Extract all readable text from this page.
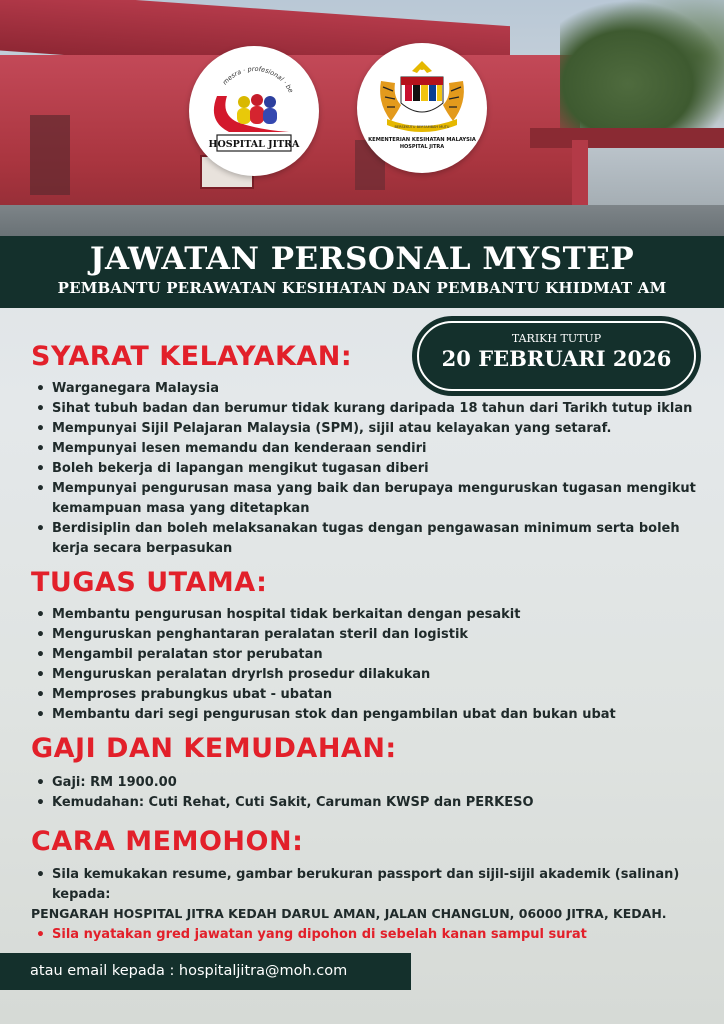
mesra · profesional · be
HOSPITAL JITRA
BERSEKUTU BERTAMBAH MUTU
KEMENTERIAN KESIHATAN MALAYSIA
HOSPITAL JITRA
JAWATAN PERSONAL MYSTEP
PEMBANTU PERAWATAN KESIHATAN DAN PEMBANTU KHIDMAT AM
TARIKH TUTUP
20 FEBRUARI 2026
SYARAT KELAYAKAN:
• Warganegara Malaysia
• Sihat tubuh badan dan berumur tidak kurang daripada 18 tahun dari Tarikh tutup iklan
• Mempunyai Sijil Pelajaran Malaysia (SPM), sijil atau kelayakan yang setaraf.
• Mempunyai lesen memandu dan kenderaan sendiri
• Boleh bekerja di lapangan mengikut tugasan diberi
• Mempunyai pengurusan masa yang baik dan berupaya menguruskan tugasan mengikut kemampuan masa yang ditetapkan
• Berdisiplin dan boleh melaksanakan tugas dengan pengawasan minimum serta boleh kerja secara berpasukan
TUGAS UTAMA:
• Membantu pengurusan hospital tidak berkaitan dengan pesakit
• Menguruskan penghantaran peralatan steril dan logistik
• Mengambil peralatan stor perubatan
• Menguruskan peralatan dryrlsh prosedur dilakukan
• Memproses prabungkus ubat - ubatan
• Membantu dari segi pengurusan stok dan pengambilan ubat dan bukan ubat
GAJI DAN KEMUDAHAN:
• Gaji: RM 1900.00
• Kemudahan: Cuti Rehat, Cuti Sakit, Caruman KWSP dan PERKESO
CARA MEMOHON:
• Sila kemukakan resume, gambar berukuran passport dan sijil-sijil akademik (salinan) kepada:
PENGARAH HOSPITAL JITRA KEDAH DARUL AMAN, JALAN CHANGLUN, 06000 JITRA, KEDAH.
• Sila nyatakan gred jawatan yang dipohon di sebelah kanan sampul surat
atau email kepada : hospitaljitra@moh.com
